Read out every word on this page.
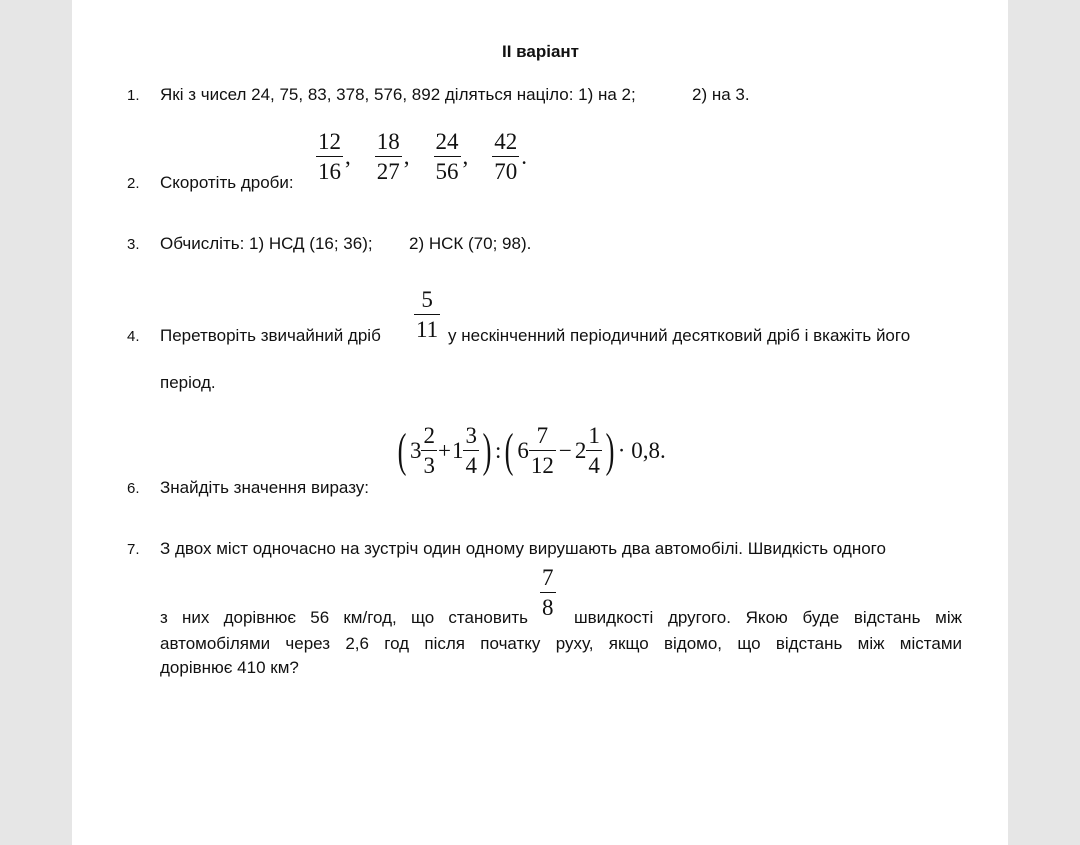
II варіант
1. Які з чисел 24, 75, 83, 378, 576, 892 діляться націло: 1) на 2;	2) на 3.
2. Скоротіть дроби: $\frac{12}{16}$ , $\frac{18}{27}$ , $\frac{24}{56}$ , $\frac{42}{70}$ .
3. Обчисліть: 1) НСД (16; 36); 2) НСК (70; 98).
4. Перетворіть звичайний дріб $\frac{5}{11}$ у нескінченний періодичний десятковий дріб і вкажіть його
період.
6. Знайдіть значення виразу:
( $3 \frac{2}{3} + 1 \frac{3}{4}$ ) : ( $6 \frac{7}{12} - 2 \frac{1}{4}$ ) · 0,8.
7. З двох міст одночасно на зустріч один одному вирушають два автомобілі. Швидкість одного
з них дорівнює 56 км/год, що становить $\frac{7}{8}$ швидкості другого. Якою буде відстань між
автомобілями через 2,6 год після початку руху, якщо відомо, що відстань між містами
дорівнює 410 км?
